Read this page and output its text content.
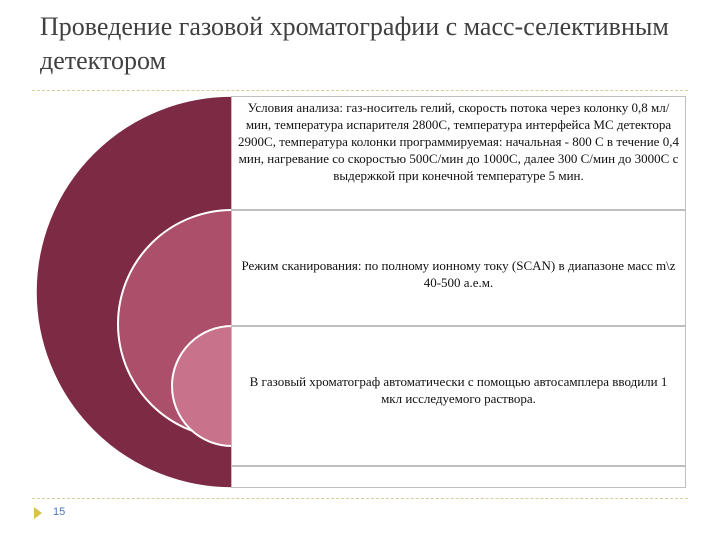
Проведение газовой хроматографии с масс-селективным детектором
Условия анализа: газ-носитель гелий, скорость потока через колонку 0,8 мл/мин, температура испарителя 2800С, температура интерфейса МС детектора 2900С, температура колонки программируемая: начальная - 800 С в течение 0,4 мин, нагревание со скоростью 500С/мин до 1000С, далее 300 С/мин до 3000С с выдержкой при конечной температуре 5 мин.
Режим сканирования: по полному ионному току (SCAN) в диапазоне масс m\z 40-500 а.е.м.
В газовый хроматограф автоматически с помощью автосамплера вводили 1 мкл исследуемого раствора.
15
